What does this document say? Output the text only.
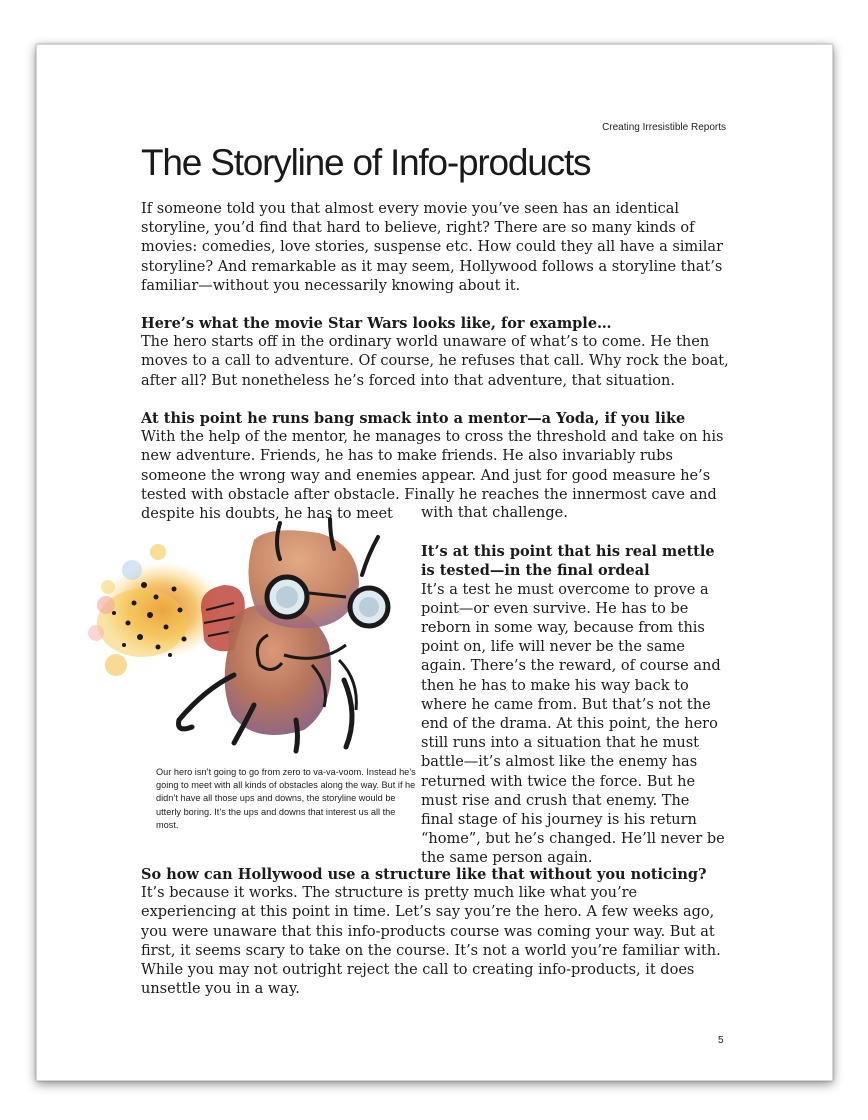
Creating Irresistible Reports
The Storyline of Info-products

If someone told you that almost every movie you’ve seen has an identical storyline, you’d find that hard to believe, right? There are so many kinds of movies: comedies, love stories, suspense etc. How could they all have a similar storyline? And remarkable as it may seem, Hollywood follows a storyline that’s familiar—without you necessarily knowing about it.

Here’s what the movie Star Wars looks like, for example…

The hero starts off in the ordinary world unaware of what’s to come. He then moves to a call to adventure. Of course, he refuses that call. Why rock the boat, after all? But nonetheless he’s forced into that adventure, that situation.

At this point he runs bang smack into a mentor—a Yoda, if you like

With the help of the mentor, he manages to cross the threshold and take on his new adventure. Friends, he has to make friends. He also invariably rubs someone the wrong way and enemies appear. And just for good measure he’s tested with obstacle after obstacle. Finally he reaches the innermost cave and despite his doubts, he has to meet	with that challenge.

It’s at this point that his real mettle is tested—in the final ordeal

It’s a test he must overcome to prove a point—or even survive. He has to be reborn in some way, because from this point on, life will never be the same again. There’s the reward, of course and then he has to make his way back to where he came from. But that’s not the end of the drama. At this point, the hero still runs into a situation that he must battle—it’s almost like the enemy has returned with twice the force. But he must rise and crush that enemy. The final stage of his journey is his return “home”, but he’s changed. He’ll never be the same person again.

Our hero isn’t going to go from zero to va-va-voom. Instead he’s going to meet with all kinds of obstacles along the way. But if he didn’t have all those ups and downs, the storyline would be utterly boring. It’s the ups and downs that interest us all the most.

So how can Hollywood use a structure like that without you noticing?

It’s because it works. The structure is pretty much like what you’re experiencing at this point in time. Let’s say you’re the hero. A few weeks ago, you were unaware that this info-products course was coming your way. But at first, it seems scary to take on the course. It’s not a world you’re familiar with. While you may not outright reject the call to creating info-products, it does unsettle you in a way.

5
